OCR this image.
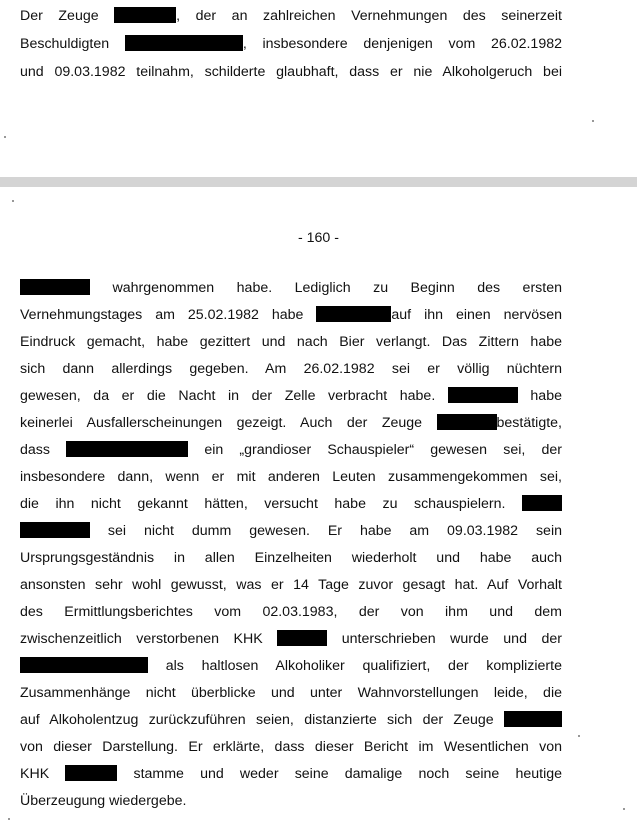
Der Zeuge	, der an zahlreichen Vernehmungen des seinerzeit
Beschuldigten	, insbesondere denjenigen vom 26.02.1982
und 09.03.1982 teilnahm, schilderte glaubhaft, dass er nie Alkoholgeruch bei
- 160 -
wahrgenommen habe. Lediglich zu Beginn des ersten
Vernehmungstages am 25.02.1982 habe	auf ihn einen nervösen
Eindruck gemacht, habe gezittert und nach Bier verlangt. Das Zittern habe
sich dann allerdings gegeben. Am 26.02.1982 sei er völlig nüchtern
gewesen, da er die Nacht in der Zelle verbracht habe.	habe
keinerlei Ausfallerscheinungen gezeigt. Auch der Zeuge	bestätigte,
dass	ein „grandioser Schauspieler“ gewesen sei, der
insbesondere dann, wenn er mit anderen Leuten zusammengekommen sei,
die ihn nicht gekannt hätten, versucht habe zu schauspielern.
sei nicht dumm gewesen. Er habe am 09.03.1982 sein
Ursprungsgeständnis in allen Einzelheiten wiederholt und habe auch
ansonsten sehr wohl gewusst, was er 14 Tage zuvor gesagt hat. Auf Vorhalt
des Ermittlungsberichtes vom 02.03.1983, der von ihm und dem
zwischenzeitlich verstorbenen KHK	unterschrieben wurde und der
als haltlosen Alkoholiker qualifiziert, der komplizierte
Zusammenhänge nicht überblicke und unter Wahnvorstellungen leide, die
auf Alkoholentzug zurückzuführen seien, distanzierte sich der Zeuge
von dieser Darstellung. Er erklärte, dass dieser Bericht im Wesentlichen von
KHK	stamme und weder seine damalige noch seine heutige
Überzeugung wiedergebe.
